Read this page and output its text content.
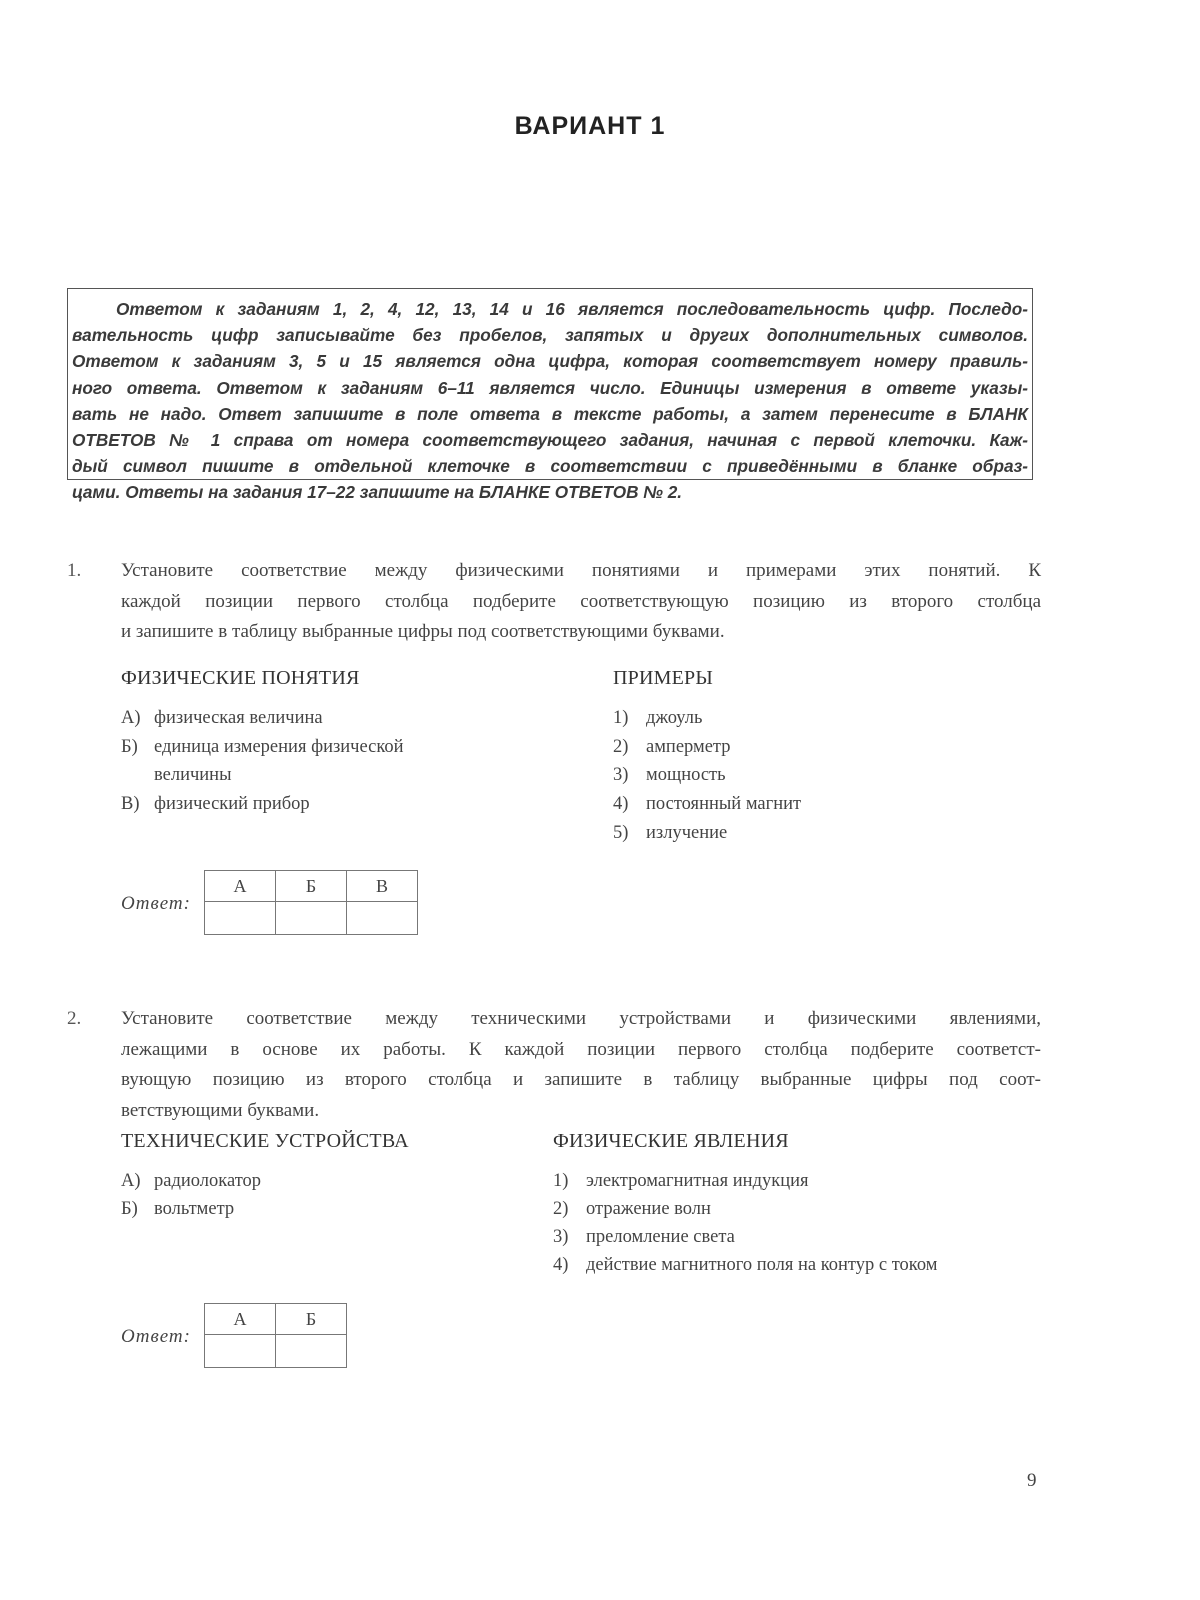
ВАРИАНТ 1
Ответом к заданиям 1, 2, 4, 12, 13, 14 и 16 является последовательность цифр. Последо-
вательность цифр записывайте без пробелов, запятых и других дополнительных символов.
Ответом к заданиям 3, 5 и 15 является одна цифра, которая соответствует номеру правиль-
ного ответа. Ответом к заданиям 6–11 является число. Единицы измерения в ответе указы-
вать не надо. Ответ запишите в поле ответа в тексте работы, а затем перенесите в БЛАНК
ОТВЕТОВ № 1 справа от номера соответствующего задания, начиная с первой клеточки. Каж-
дый символ пишите в отдельной клеточке в соответствии с приведёнными в бланке образ-
цами. Ответы на задания 17–22 запишите на БЛАНКЕ ОТВЕТОВ № 2.
1. Установите соответствие между физическими понятиями и примерами этих понятий. К
каждой позиции первого столбца подберите соответствующую позицию из второго столбца
и запишите в таблицу выбранные цифры под соответствующими буквами.
ФИЗИЧЕСКИЕ ПОНЯТИЯ	ПРИМЕРЫ
А) физическая величина
Б) единица измерения физической
величины
В) физический прибор
1) джоуль
2) амперметр
3) мощность
4) постоянный магнит
5) излучение
Ответ:
А	Б	В

2. Установите соответствие между техническими устройствами и физическими явлениями,
лежащими в основе их работы. К каждой позиции первого столбца подберите соответст-
вующую позицию из второго столбца и запишите в таблицу выбранные цифры под соот-
ветствующими буквами.
ТЕХНИЧЕСКИЕ УСТРОЙСТВА	ФИЗИЧЕСКИЕ ЯВЛЕНИЯ
А) радиолокатор
Б) вольтметр
1) электромагнитная индукция
2) отражение волн
3) преломление света
4) действие магнитного поля на контур с током
Ответ:
А	Б

9
